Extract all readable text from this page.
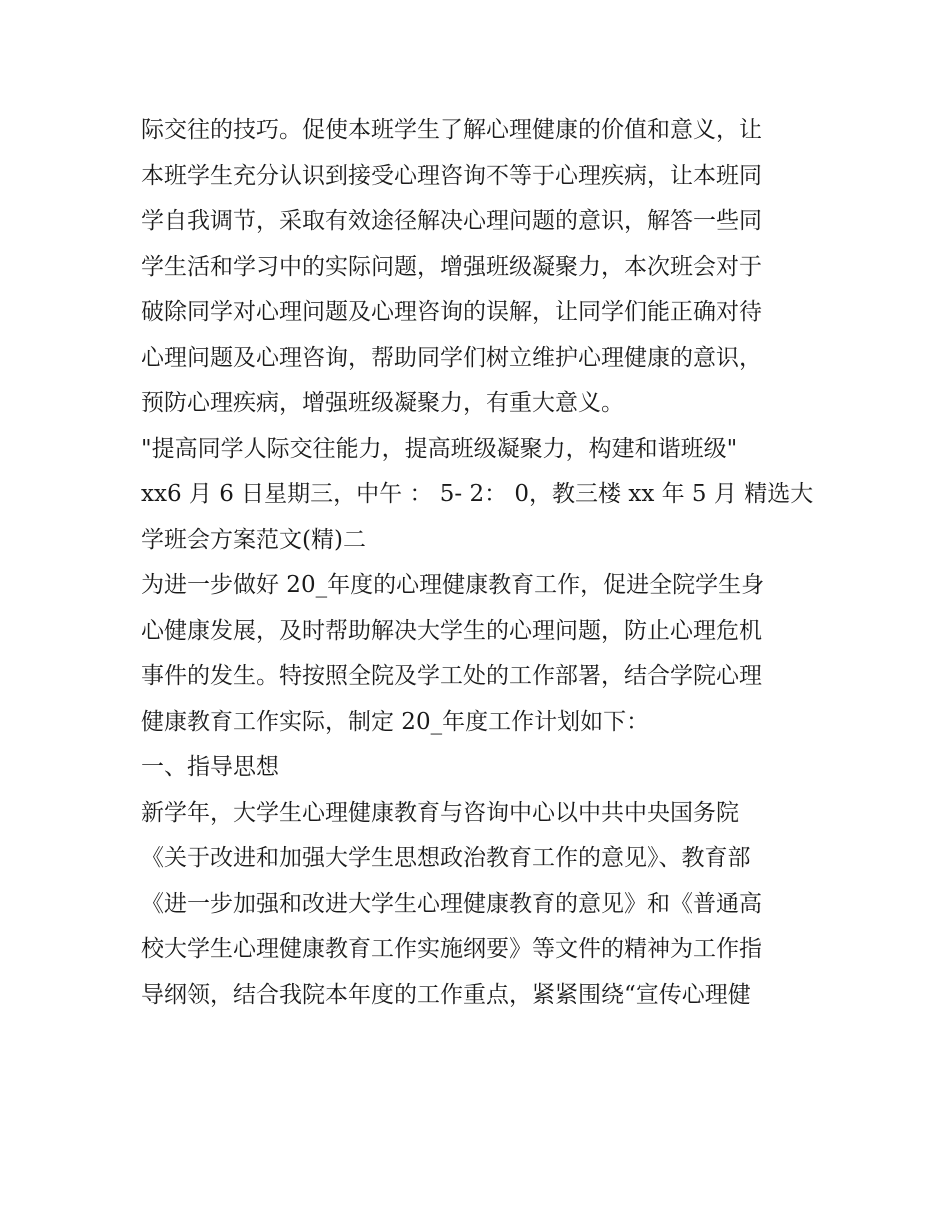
际交往的技巧。促使本班学生了解心理健康的价值和意义，让
本班学生充分认识到接受心理咨询不等于心理疾病，让本班同
学自我调节，采取有效途径解决心理问题的意识，解答一些同
学生活和学习中的实际问题，增强班级凝聚力，本次班会对于
破除同学对心理问题及心理咨询的误解，让同学们能正确对待
心理问题及心理咨询，帮助同学们树立维护心理健康的意识，
预防心理疾病，增强班级凝聚力，有重大意义。
"提高同学人际交往能力，提高班级凝聚力，构建和谐班级"
xx6 月 6 日星期三，中午 ： 5- 2： 0，教三楼 xx 年 5 月 精选大
学班会方案范文(精)二
为进一步做好 20_年度的心理健康教育工作，促进全院学生身
心健康发展，及时帮助解决大学生的心理问题，防止心理危机
事件的发生。特按照全院及学工处的工作部署，结合学院心理
健康教育工作实际，制定 20_年度工作计划如下：
一、指导思想
新学年，大学生心理健康教育与咨询中心以中共中央国务院
《关于改进和加强大学生思想政治教育工作的意见》、教育部
《进一步加强和改进大学生心理健康教育的意见》和《普通高
校大学生心理健康教育工作实施纲要》等文件的精神为工作指
导纲领，结合我院本年度的工作重点，紧紧围绕“宣传心理健
